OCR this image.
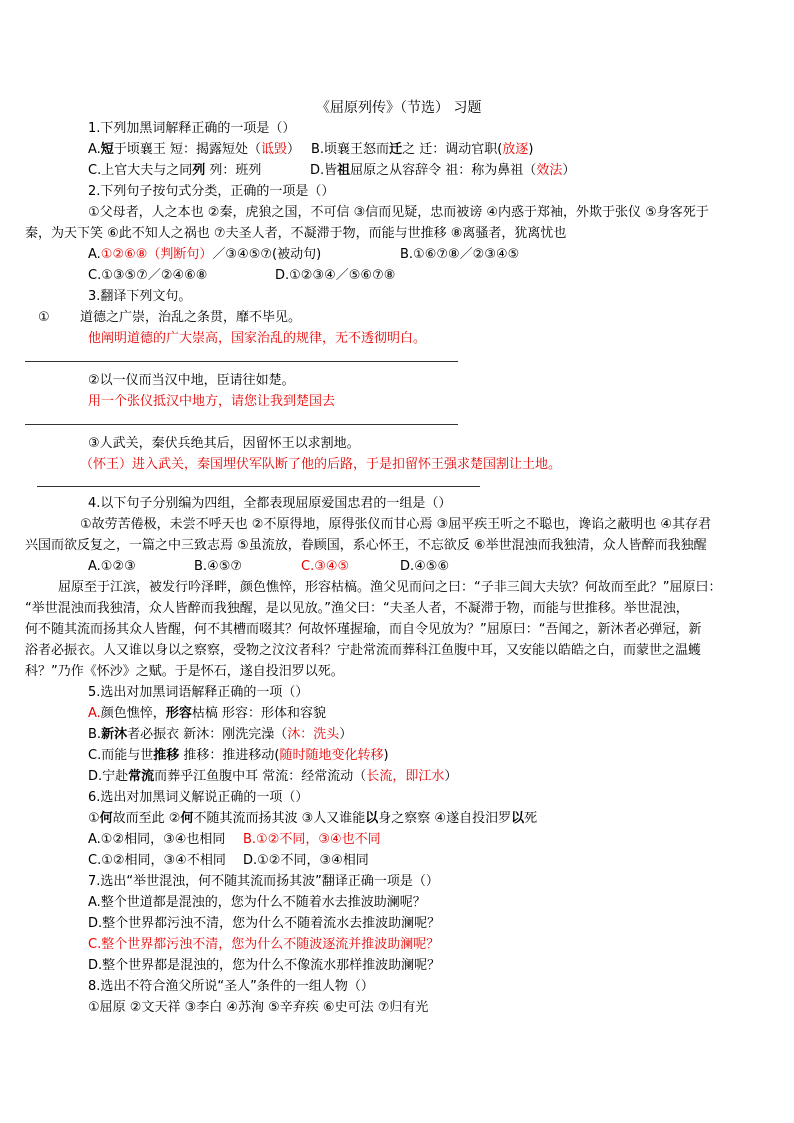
《屈原列传》（节选） 习题
1.下列加黑词解释正确的一项是（）
A.短于顷襄王 短：揭露短处（诋毁） B.顷襄王怒而迁之 迁：调动官职(放逐)
C.上官大夫与之同列 列：班列	D.皆祖屈原之从容辞令 祖：称为鼻祖（效法）
2.下列句子按句式分类，正确的一项是（）
①父母者，人之本也 ②秦，虎狼之国，不可信 ③信而见疑，忠而被谤 ④内惑于郑袖，外欺于张仪 ⑤身客死于
秦，为天下笑 ⑥此不知人之祸也 ⑦夫圣人者，不凝滞于物，而能与世推移 ⑧离骚者，犹离忧也
A.①②⑥⑧（判断句）／③④⑤⑦(被动句)	B.①⑥⑦⑧／②③④⑤
C.①③⑤⑦／②④⑥⑧	D.①②③④／⑤⑥⑦⑧
3.翻译下列文句。
① 道德之广崇，治乱之条贯，靡不毕见。
他阐明道德的广大崇高，国家治乱的规律，无不透彻明白。
②以一仪而当汉中地，臣请往如楚。
用一个张仪抵汉中地方，请您让我到楚国去
③人武关，秦伏兵绝其后，因留怀王以求割地。
（怀王）进入武关，秦国埋伏军队断了他的后路，于是扣留怀王强求楚国割让土地。
4.以下句子分别编为四组，全都表现屈原爱国忠君的一组是（）
①故劳苦倦极，未尝不呼天也 ②不原得地，原得张仪而甘心焉 ③屈平疾王听之不聪也，谗谄之蔽明也 ④其存君
兴国而欲反复之，一篇之中三致志焉 ⑤虽流放，眷顾国，系心怀王，不忘欲反 ⑥举世混浊而我独清，众人皆醉而我独醒
A.①②③	B.④⑤⑦	C.③④⑤	D.④⑤⑥
屈原至于江滨，被发行吟泽畔，颜色憔悴，形容枯槁。渔父见而问之曰：“子非三闾大夫欤？何故而至此？”屈原曰：
“举世混浊而我独清，众人皆醉而我独醒，是以见放。”渔父曰：“夫圣人者，不凝滞于物，而能与世推移。举世混浊，
何不随其流而扬其众人皆醒，何不其槽而啜其？何故怀瑾握瑜，而自令见放为？”屈原曰：“吾闻之，新沐者必弹冠，新
浴者必振衣。人又谁以身以之察察，受物之汶汶者科？宁赴常流而葬科江鱼腹中耳，又安能以皓皓之白，而蒙世之温蠖
科？”乃作《怀沙》之赋。于是怀石，遂自投汨罗以死。
5.选出对加黑词语解释正确的一项（）
A.颜色憔悴，形容枯槁 形容：形体和容貌
B.新沐者必振衣 新沐：刚洗完澡（沐：洗头）
C.而能与世推移 推移：推进移动(随时随地变化转移)
D.宁赴常流而葬乎江鱼腹中耳 常流：经常流动（长流，即江水）
6.选出对加黑词义解说正确的一项（）
①何故而至此 ②何不随其流而扬其波 ③人又谁能以身之察察 ④遂自投汨罗以死
A.①②相同，③④也相同 B.①②不同，③④也不同
C.①②相同，③④不相同 D.①②不同，③④相同
7.选出“举世混浊，何不随其流而扬其波”翻译正确一项是（）
A.整个世道都是混浊的，您为什么不随着水去推波助澜呢？
D.整个世界都污浊不清，您为什么不随着流水去推波助澜呢？
C.整个世界都污浊不清，您为什么不随波逐流并推波助澜呢？
D.整个世界都是混浊的，您为什么不像流水那样推波助澜呢？
8.选出不符合渔父所说“圣人”条件的一组人物（）
①屈原 ②文天祥 ③李白 ④苏洵 ⑤辛弃疾 ⑥史可法 ⑦归有光
